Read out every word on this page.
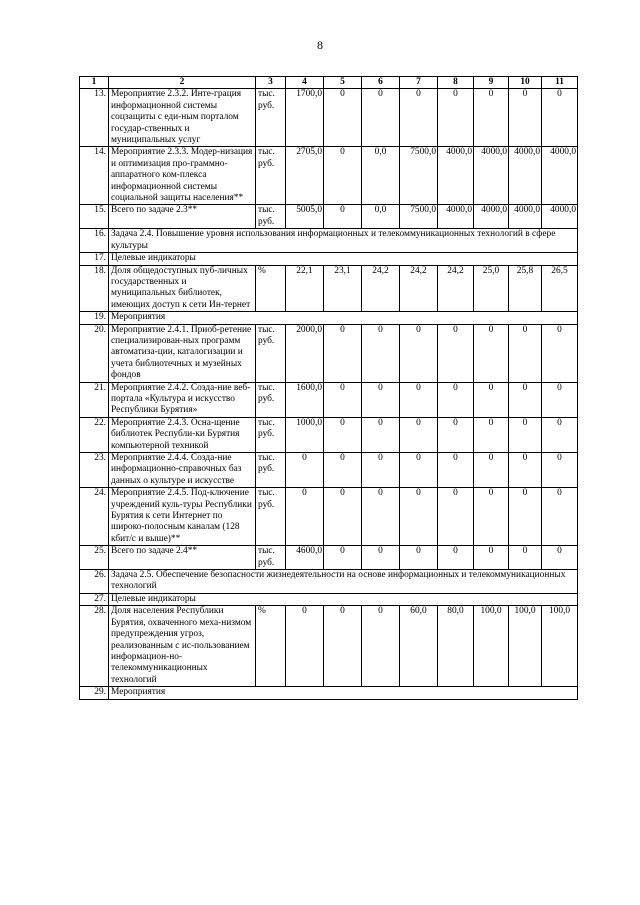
8
1	2	3	4	5	6	7	8	9	10	11
13.	Мероприятие 2.3.2. Инте-грация информационной системы соцзащиты с еди-ным порталом государ-ственных и муниципальных услуг	тыс. руб.	1700,0	0	0	0	0	0	0	0
14.	Мероприятие 2.3.3. Модер-низация и оптимизация про-граммно-аппаратного ком-плекса информационной системы социальной защиты населения**	тыс. руб.	2705,0	0	0,0	7500,0	4000,0	4000,0	4000,0	4000,0
15.	Всего по задаче 2.3**	тыс. руб.	5005,0	0	0,0	7500,0	4000,0	4000,0	4000,0	4000,0
16.	Задача 2.4. Повышение уровня использования информационных и телекоммуникационных технологий в сфере культуры									
17.	Целевые индикаторы									
18.	Доля общедоступных пуб-личных государственных и муниципальных библиотек, имеющих доступ к сети Ин-тернет	%	22,1	23,1	24,2	24,2	24,2	25,0	25,8	26,5
19.	Мероприятия									
20.	Мероприятие 2.4.1. Приоб-ретение специализирован-ных программ автоматиза-ции, каталогизации и учета библиотечных и музейных фондов	тыс. руб.	2000,0	0	0	0	0	0	0	0
21.	Мероприятие 2.4.2. Созда-ние веб-портала «Культура и искусство Республики Бурятия»	тыс. руб.	1600,0	0	0	0	0	0	0	0
22.	Мероприятие 2.4.3. Осна-щение библиотек Республи-ки Бурятия компьютерной техникой	тыс. руб.	1000,0	0	0	0	0	0	0	0
23.	Мероприятие 2.4.4. Созда-ние информационно-справочных баз данных о культуре и искусстве	тыс. руб.	0	0	0	0	0	0	0	0
24.	Мероприятие 2.4.5. Под-ключение учреждений куль-туры Республики Бурятия к сети Интернет по широко-полосным каналам (128 кбит/с и выше)**	тыс. руб.	0	0	0	0	0	0	0	0
25.	Всего по задаче 2.4**	тыс. руб.	4600,0	0	0	0	0	0	0	0
26.	Задача 2.5. Обеспечение безопасности жизнедеятельности на основе информационных и телекоммуникационных технологий									
27.	Целевые индикаторы									
28.	Доля населения Республики Бурятия, охваченного меха-низмом предупреждения угроз, реализованным с ис-пользованием информацион-но-телекоммуникационных технологий	%	0	0	0	60,0	80,0	100,0	100,0	100,0
29.	Мероприятия									
